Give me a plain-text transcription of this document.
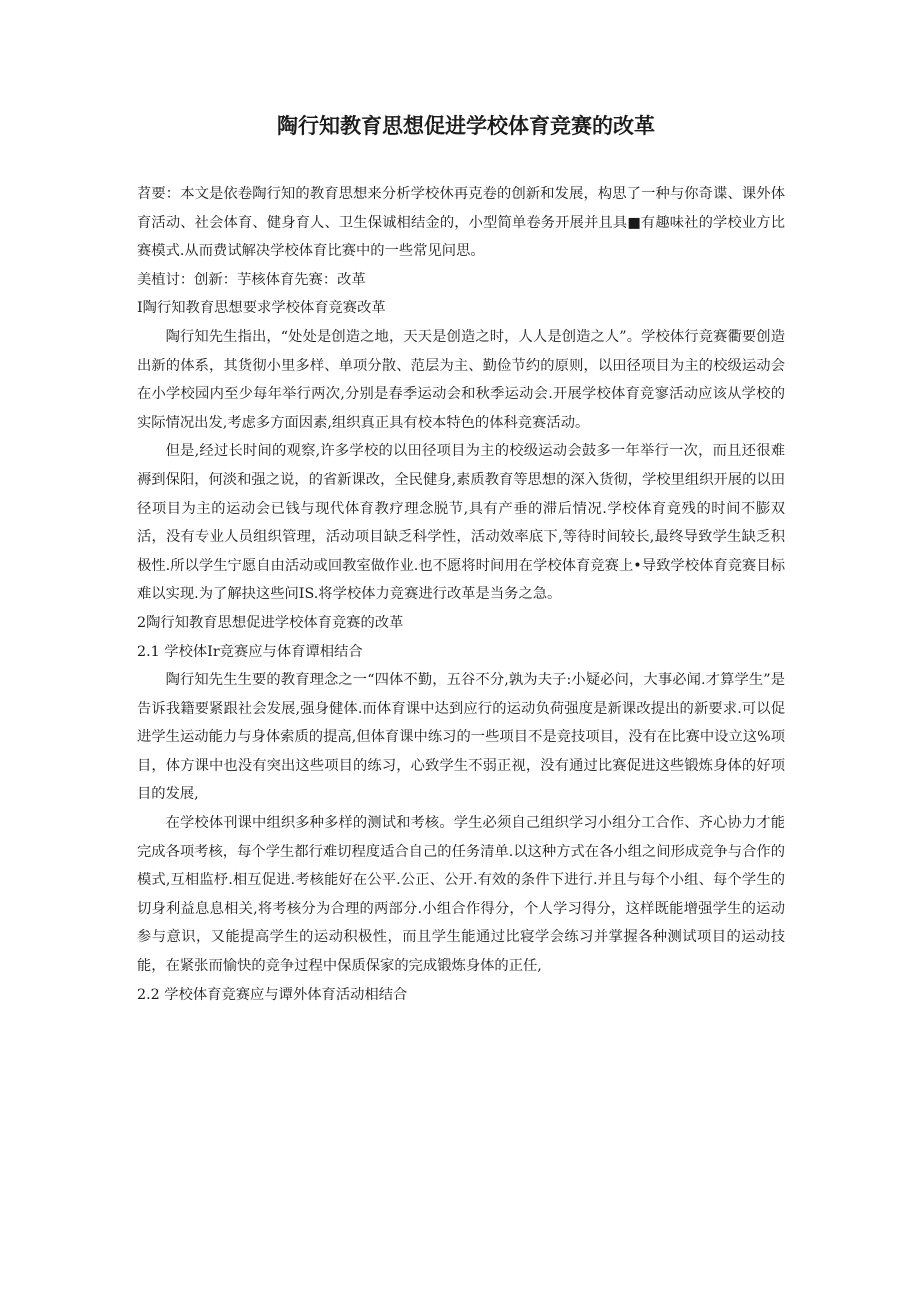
陶行知教育思想促进学校体育竞赛的改革

苕要：本文是依卷陶行知的教育思想来分析学校休再克卷的创新和发展，构思了一种与你奇谍、课外体育活动、社会体育、健身育人、卫生保诚相结金的，小型简单卷务开展并且具■有趣味社的学校业方比赛模式.从而费试解决学校体育比赛中的一些常见问思。

美植讨：创新：芋核体育先赛：改革

I陶行知教育思想要求学校体育竞赛改革

陶行知先生指出，“处处是创造之地，天天是创造之时，人人是创造之人”。学校体行竞赛衢要创造出新的体系，其货彻小里多样、单项分散、范层为主、勤俭节约的原则，以田径项目为主的校级运动会在小学校园内至少每年举行两次,分别是春季运动会和秋季运动会.开展学校体育竞寥活动应该从学校的实际情况出发,考虑多方面因素,组织真正具有校本特色的体科竞赛活动。

但是,经过长时间的观察,许多学校的以田径项目为主的校级运动会鼓多一年举行一次，而且还很难褥到保阳，何淡和强之说，的省新课改，全民健身,素质教育等思想的深入货彻，学校里组织开展的以田径项目为主的运动会已钱与现代体育教疗理念脱节,具有产垂的滞后情况.学校体育竟残的时间不膨双活，没有专业人员组织管理，活动项目缺乏科学性，活动效率底下,等待时间较长,最终导致学生缺乏积极性.所以学生宁愿自由活动或回教室做作业.也不愿将时间用在学校体育竞赛上•导致学校体育竞赛目标难以实现.为了解抉这些问IS.将学校体力竞赛进行改革是当务之急。

2陶行知教育思想促进学校体育竞赛的改革

2.1 学校体Ir竞赛应与体育谭相结合

陶行知先生生要的教育理念之一“四体不勤，五谷不分,孰为夫子:小疑必问，大事必闻.才算学生”是告诉我籍要紧跟社会发展,强身健体.而体育课中达到应行的运动负荷强度是新课改提出的新要求.可以促进学生运动能力与身体索质的提高,但体育课中练习的一些项目不是竞技项目，没有在比赛中设立这%项目，体方课中也没有突出这些项目的练习，心致学生不弱正视，没有通过比赛促进这些锻炼身体的好项目的发展,

在学校体刊课中组织多种多样的测试和考核。学生必须自己组织学习小组分工合作、齐心协力才能完成各项考核，每个学生都行难切程度适合自己的任务清单.以这种方式在各小组之间形成竞争与合作的模式,互相监杼.相互促进.考核能好在公平.公正、公开.有效的条件下进行.并且与每个小组、每个学生的切身利益息息相关,将考核分为合理的两部分.小组合作得分，个人学习得分，这样既能增强学生的运动参与意识，又能提高学生的运动积极性，而且学生能通过比寝学会练习并掌握各种测试项目的运动技能，在紧张而愉快的竞争过程中保质保家的完成锻炼身体的正任,

2.2 学校体育竞赛应与谭外体育活动相结合
